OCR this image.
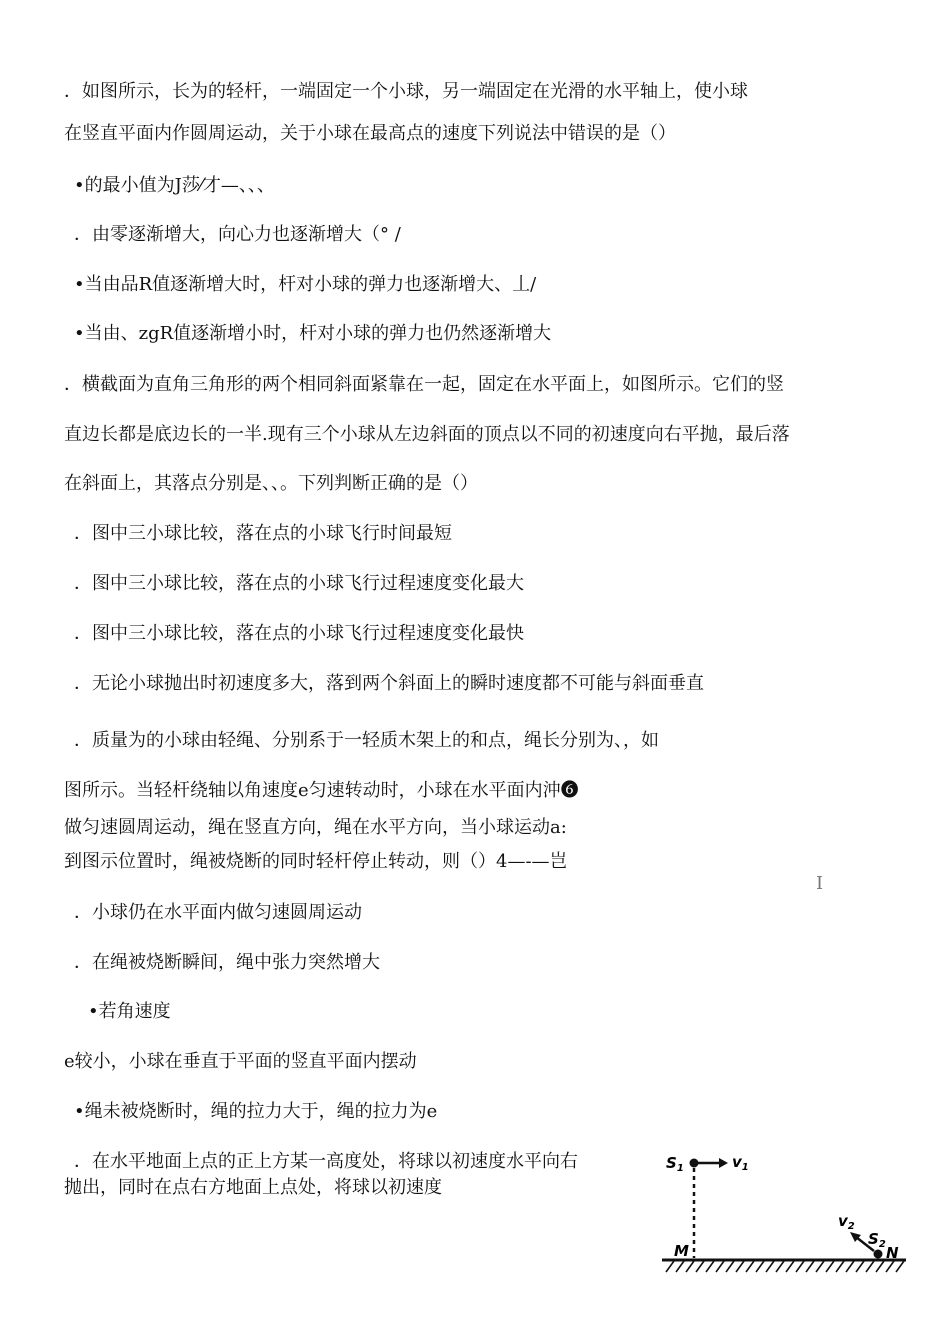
．如图所示，长为的轻杆，一端固定一个小球，另一端固定在光滑的水平轴上，使小球
在竖直平面内作圆周运动，关于小球在最高点的速度下列说法中错误的是（）
•的最小值为J莎⁄才—、、、
．由零逐渐增大，向心力也逐渐增大（° /
•当由品R值逐渐增大时，杆对小球的弹力也逐渐增大、丄/
•当由、zgR值逐渐增小时，杆对小球的弹力也仍然逐渐增大
．横截面为直角三角形的两个相同斜面紧靠在一起，固定在水平面上，如图所示。它们的竖
直边长都是底边长的一半.现有三个小球从左边斜面的顶点以不同的初速度向右平抛，最后落
在斜面上，其落点分别是、、。下列判断正确的是（）
．图中三小球比较，落在点的小球飞行时间最短
．图中三小球比较，落在点的小球飞行过程速度变化最大
．图中三小球比较，落在点的小球飞行过程速度变化最快
．无论小球抛出时初速度多大，落到两个斜面上的瞬时速度都不可能与斜面垂直
．质量为的小球由轻绳、分别系于一轻质木架上的和点，绳长分别为、，如
图所示。当轻杆绕轴以角速度e匀速转动时，小球在水平面内沖❻
做匀速圆周运动，绳在竖直方向，绳在水平方向，当小球运动a:
到图示位置时，绳被烧断的同时轻杆停止转动，则（）4—-—岂
I
．小球仍在水平面内做匀速圆周运动
．在绳被烧断瞬间，绳中张力突然增大
•若角速度
e较小，小球在垂直于平面的竖直平面内摆动
•绳未被烧断时，绳的拉力大于，绳的拉力为e
．在水平地面上点的正上方某一高度处，将球以初速度水平向右
抛出，同时在点右方地面上点处，将球以初速度
$S_1$	$v_1$
$v_2$
$S_2$
M	N
